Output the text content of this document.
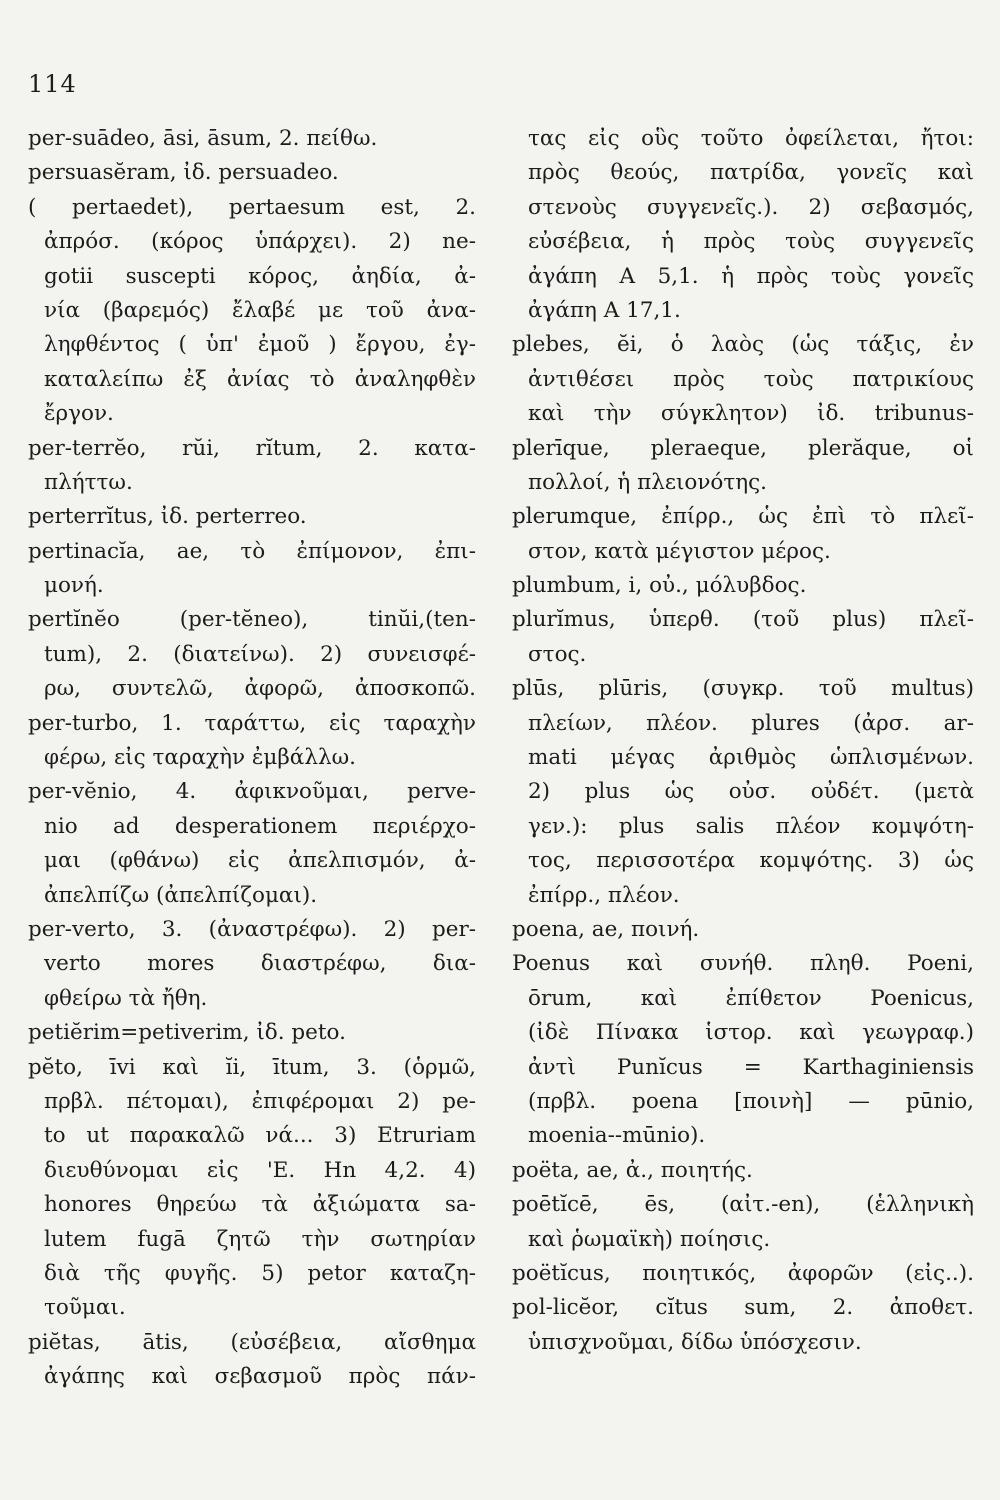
114
per-suādeo, āsi, āsum, 2. πείθω.
persuasĕram, ἰδ. persuadeo.
( pertaedet), pertaesum est, 2.
ἀπρόσ. (κόρος ὑπάρχει). 2) ne-
gotii suscepti κόρος, ἀηδία, ἀ-
νία (βαρεμός) ἔλαβέ με τοῦ ἀνα-
ληφθέντος ( ὑπ' ἐμοῦ ) ἔργου, ἐγ-
καταλείπω ἐξ ἀνίας τὸ ἀναληφθὲν
ἔργον.
per-terrĕo, rŭi, rĭtum, 2. κατα-
πλήττω.
perterrĭtus, ἰδ. perterreo.
pertinacĭa, ae, τὸ ἐπίμονον, ἐπι-
μονή.
pertĭnĕo (per-tĕneo), tinŭi,(ten-
tum), 2. (διατείνω). 2) συνεισφέ-
ρω, συντελῶ, ἀφορῶ, ἀποσκοπῶ.
per-turbo, 1. ταράττω, εἰς ταραχὴν
φέρω, εἰς ταραχὴν ἐμβάλλω.
per-vĕnio, 4. ἀφικνοῦμαι, perve-
nio ad desperationem περιέρχο-
μαι (φθάνω) εἰς ἀπελπισμόν, ἀ-
ἀπελπίζω (ἀπελπίζομαι).
per-verto, 3. (ἀναστρέφω). 2) per-
verto mores διαστρέφω, δια-
φθείρω τὰ ἤθη.
petiĕrim=petiverim, ἰδ. peto.
pĕto, īvi καὶ ĭi, ītum, 3. (ὁρμῶ,
πρβλ. πέτομαι), ἐπιφέρομαι 2) pe-
to ut παρακαλῶ νά... 3) Etruriam
διευθύνομαι εἰς 'Ε. Hn 4,2. 4)
honores θηρεύω τὰ ἀξιώματα sa-
lutem fugā ζητῶ τὴν σωτηρίαν
διὰ τῆς φυγῆς. 5) petor καταζη-
τοῦμαι.
piĕtas, ātis, (εὐσέβεια, αἴσθημα
ἀγάπης καὶ σεβασμοῦ πρὸς πάν-
τας εἰς οὓς τοῦτο ὀφείλεται, ἤτοι:
πρὸς θεούς, πατρίδα, γονεῖς καὶ
στενοὺς συγγενεῖς.). 2) σεβασμός,
εὐσέβεια, ἡ πρὸς τοὺς συγγενεῖς
ἀγάπη Α 5,1. ἡ πρὸς τοὺς γονεῖς
ἀγάπη Α 17,1.
plebes, ĕi, ὁ λαὸς (ὡς τάξις, ἐν
ἀντιθέσει πρὸς τοὺς πατρικίους
καὶ τὴν σύγκλητον) ἰδ. tribunus-
plerīque, pleraeque, plerăque, οἱ
πολλοί, ἡ πλειονότης.
plerumque, ἐπίρρ., ὡς ἐπὶ τὸ πλεῖ-
στον, κατὰ μέγιστον μέρος.
plumbum, i, οὐ., μόλυβδος.
plurĭmus, ὑπερθ. (τοῦ plus) πλεῖ-
στος.
plūs, plūris, (συγκρ. τοῦ multus)
πλείων, πλέον. plures (ἀρσ. ar-
mati μέγας ἀριθμὸς ὡπλισμένων.
2) plus ὡς οὐσ. οὐδέτ. (μετὰ
γεν.): plus salis πλέον κομψότη-
τος, περισσοτέρα κομψότης. 3) ὡς
ἐπίρρ., πλέον.
poena, ae, ποινή.
Poenus καὶ συνήθ. πληθ. Poeni,
ōrum, καὶ ἐπίθετον Poenicus,
(ἰδὲ Πίνακα ἱστορ. καὶ γεωγραφ.)
ἀντὶ Punĭcus = Karthaginiensis
(πρβλ. poena [ποινὴ] — pūnio,
moenia--mūnio).
poëta, ae, ἀ., ποιητής.
poētĭcē, ēs, (αἰτ.-en), (ἑλληνικὴ
καὶ ῥωμαϊκὴ) ποίησις.
poëtĭcus, ποιητικός, ἀφορῶν (εἰς..).
pol-licĕor, cĭtus sum, 2. ἀποθετ.
ὑπισχνοῦμαι, δίδω ὑπόσχεσιν.
